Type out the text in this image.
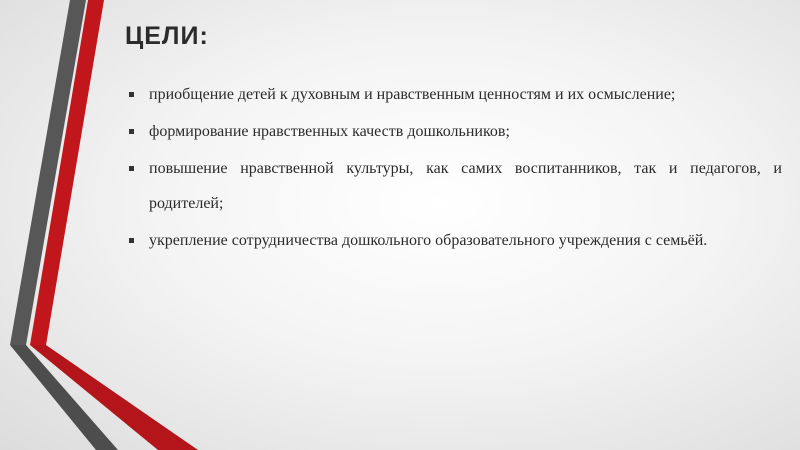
ЦЕЛИ:
приобщение детей к духовным и нравственным ценностям и их осмысление;
формирование нравственных качеств дошкольников;
повышение нравственной культуры, как самих воспитанников, так и педагогов, и родителей;
укрепление сотрудничества дошкольного образовательного учреждения с семьёй.
